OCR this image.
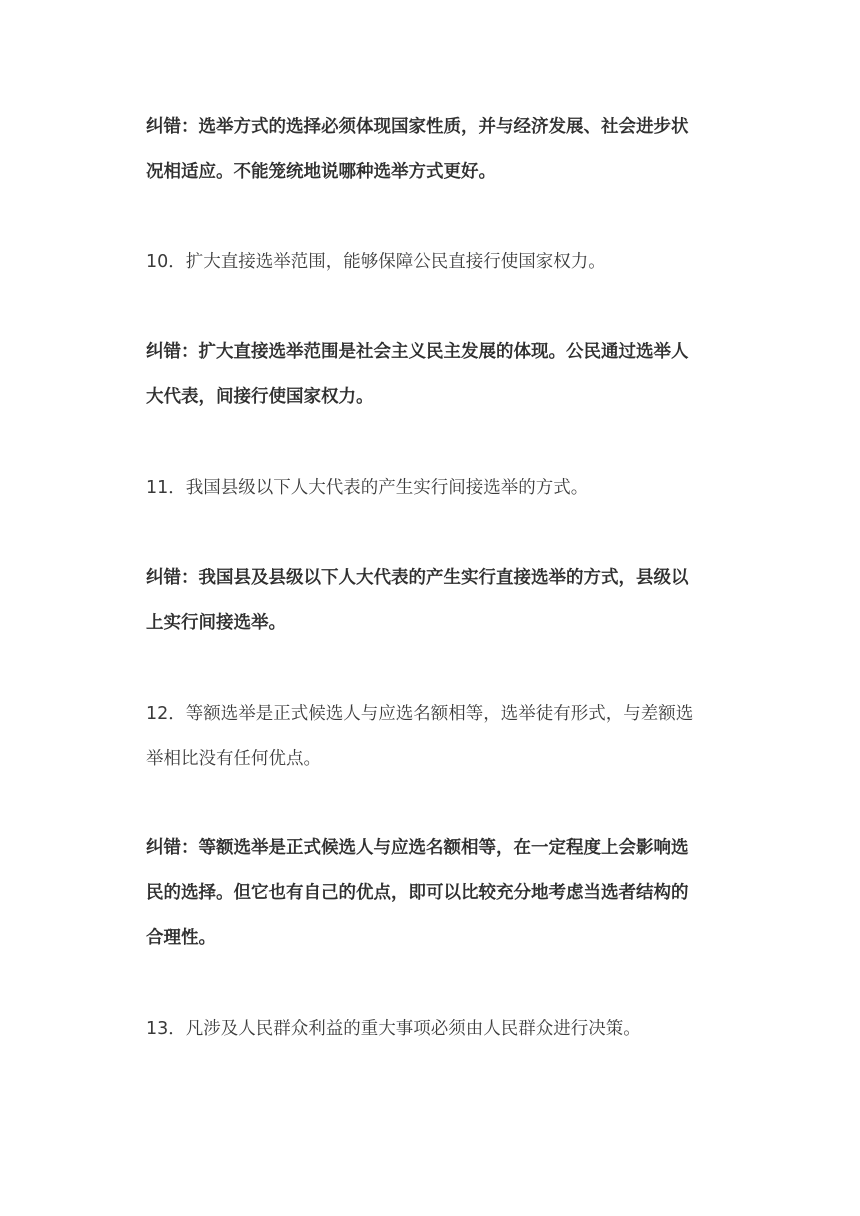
纠错：选举方式的选择必须体现国家性质，并与经济发展、社会进步状
况相适应。不能笼统地说哪种选举方式更好。

10．扩大直接选举范围，能够保障公民直接行使国家权力。

纠错：扩大直接选举范围是社会主义民主发展的体现。公民通过选举人
大代表，间接行使国家权力。

11．我国县级以下人大代表的产生实行间接选举的方式。

纠错：我国县及县级以下人大代表的产生实行直接选举的方式，县级以
上实行间接选举。

12．等额选举是正式候选人与应选名额相等，选举徒有形式，与差额选
举相比没有任何优点。

纠错：等额选举是正式候选人与应选名额相等，在一定程度上会影响选
民的选择。但它也有自己的优点，即可以比较充分地考虑当选者结构的
合理性。

13．凡涉及人民群众利益的重大事项必须由人民群众进行决策。
